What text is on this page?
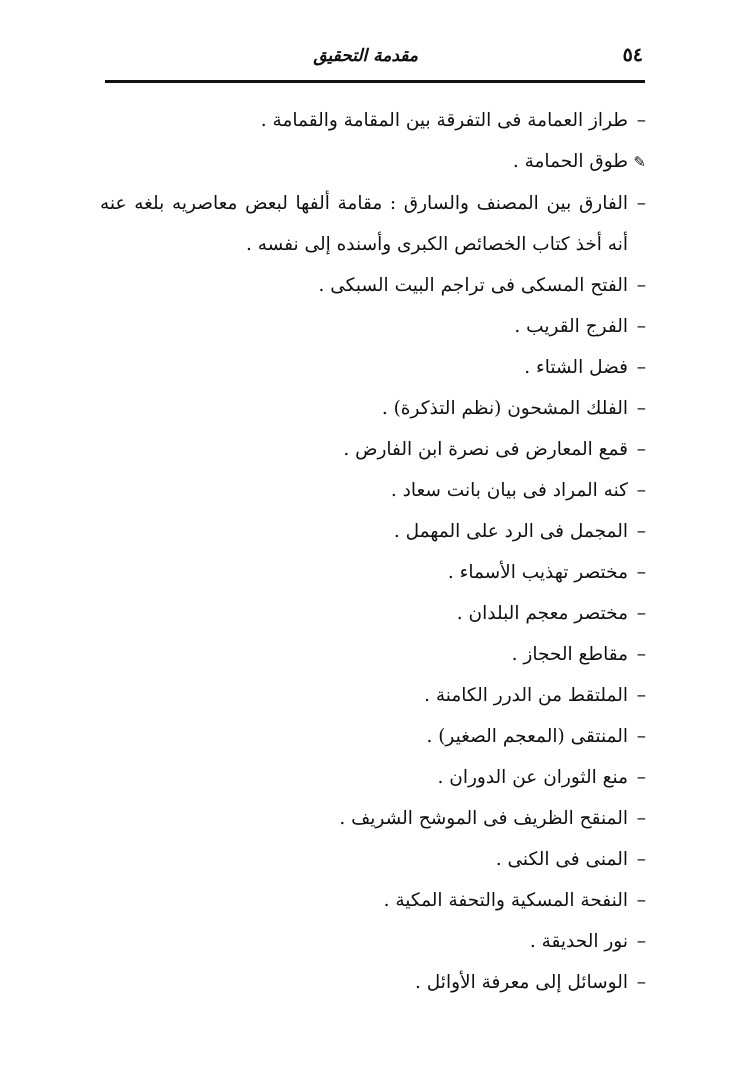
٥٤
مقدمة التحقيق
–طراز العمامة فى التفرقة بين المقامة والقمامة .
✎طوق الحمامة .
–
الفارق بين المصنف والسارق : مقامة ألفها لبعض معاصريه بلغه عنه أنه أخذ كتاب الخصائص الكبرى وأسنده إلى نفسه .
–الفتح المسكى فى تراجم البيت السبكى .
–الفرج القريب .
–فضل الشتاء .
–الفلك المشحون (نظم التذكرة) .
–قمع المعارض فى نصرة ابن الفارض .
–كنه المراد فى بيان بانت سعاد .
–المجمل فى الرد على المهمل .
–مختصر تهذيب الأسماء .
–مختصر معجم البلدان .
–مقاطع الحجاز .
–الملتقط من الدرر الكامنة .
–المنتقى (المعجم الصغير) .
–منع الثوران عن الدوران .
–المنقح الظريف فى الموشح الشريف .
–المنى فى الكنى .
–النفحة المسكية والتحفة المكية .
–نور الحديقة .
–الوسائل إلى معرفة الأوائل .
